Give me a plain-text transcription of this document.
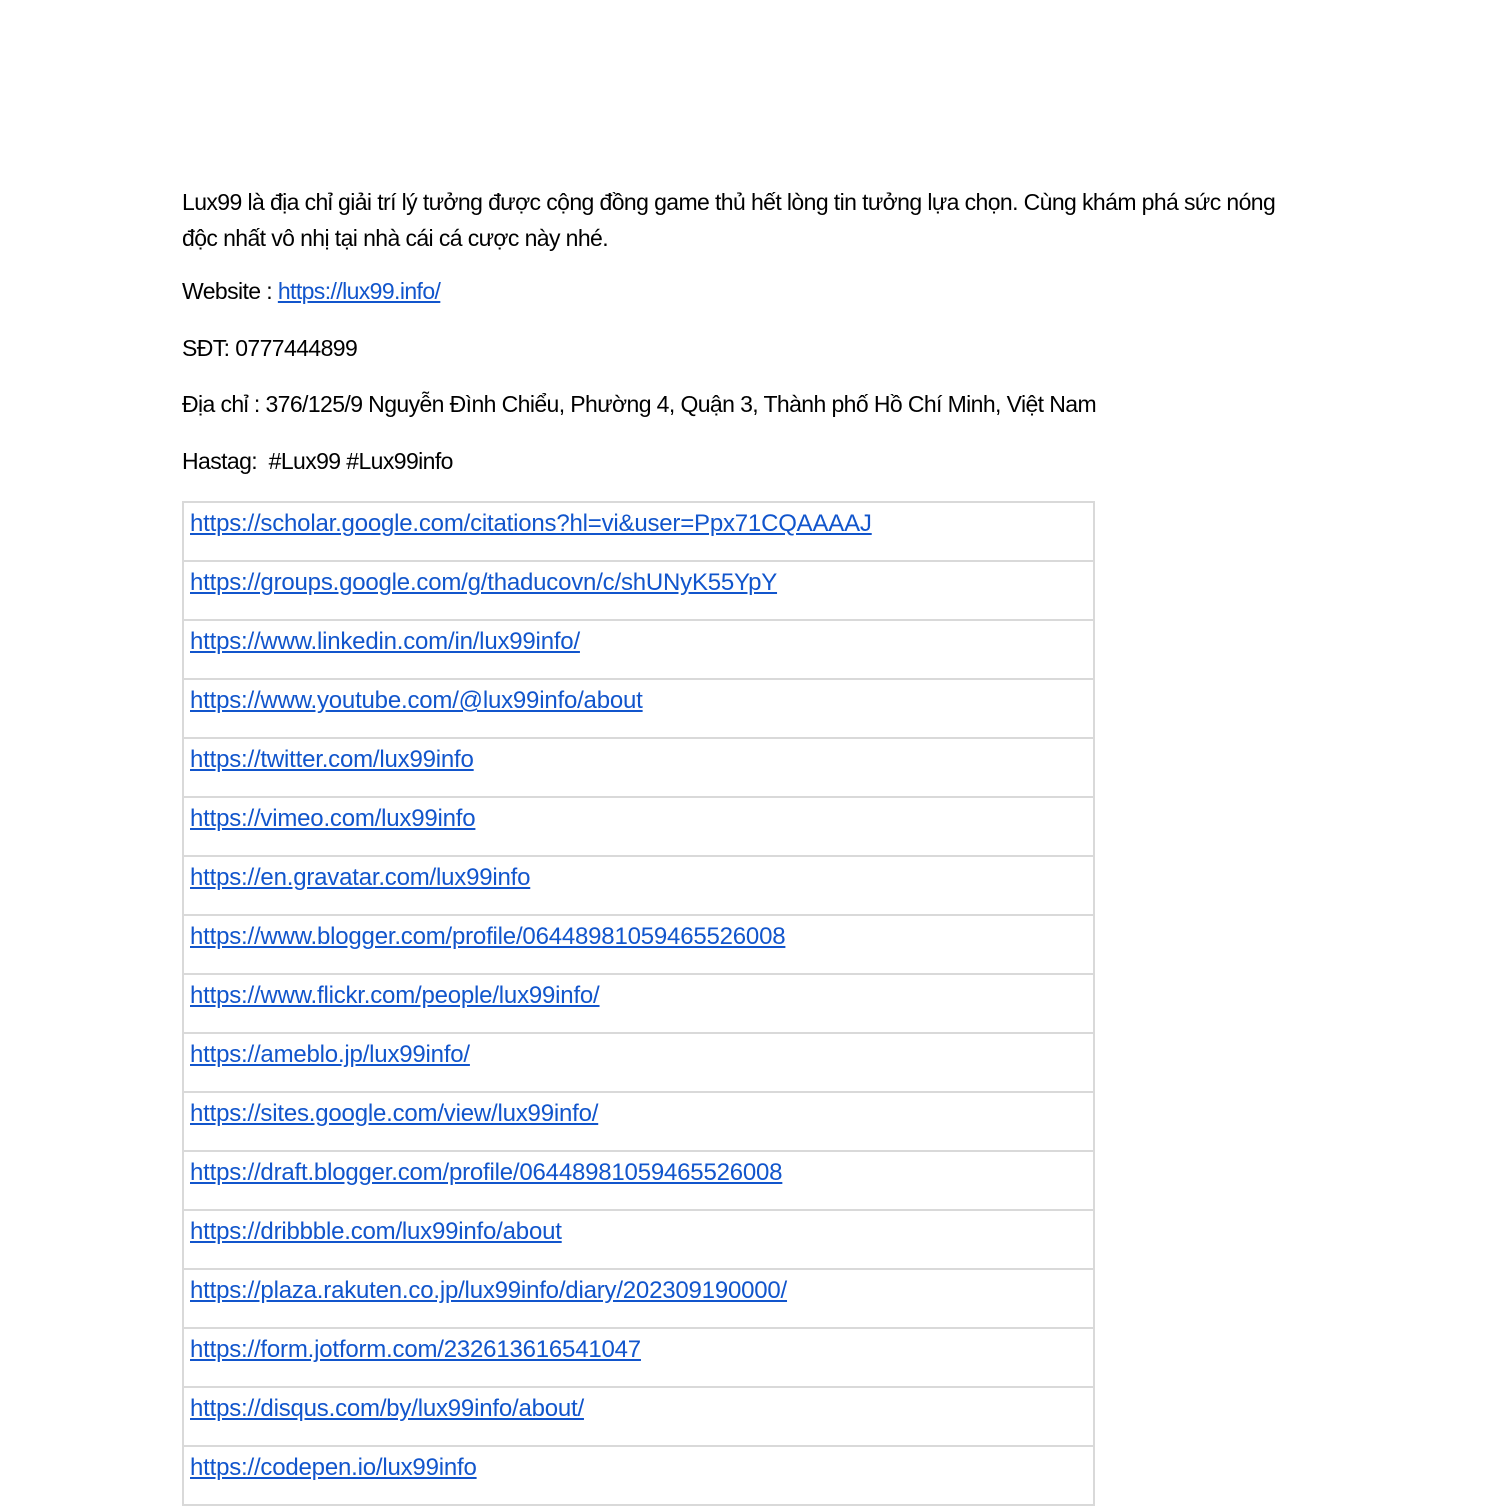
Lux99 là địa chỉ giải trí lý tưởng được cộng đồng game thủ hết lòng tin tưởng lựa chọn. Cùng khám phá sức nóng độc nhất vô nhị tại nhà cái cá cược này nhé.

Website : https://lux99.info/

SĐT: 0777444899

Địa chỉ : 376/125/9 Nguyễn Đình Chiểu, Phường 4, Quận 3, Thành phố Hồ Chí Minh, Việt Nam

Hastag:  #Lux99 #Lux99info

https://scholar.google.com/citations?hl=vi&user=Ppx71CQAAAAJ
https://groups.google.com/g/thaducovn/c/shUNyK55YpY
https://www.linkedin.com/in/lux99info/
https://www.youtube.com/@lux99info/about
https://twitter.com/lux99info
https://vimeo.com/lux99info
https://en.gravatar.com/lux99info
https://www.blogger.com/profile/06448981059465526008
https://www.flickr.com/people/lux99info/
https://ameblo.jp/lux99info/
https://sites.google.com/view/lux99info/
https://draft.blogger.com/profile/06448981059465526008
https://dribbble.com/lux99info/about
https://plaza.rakuten.co.jp/lux99info/diary/202309190000/
https://form.jotform.com/232613616541047
https://disqus.com/by/lux99info/about/
https://codepen.io/lux99info
